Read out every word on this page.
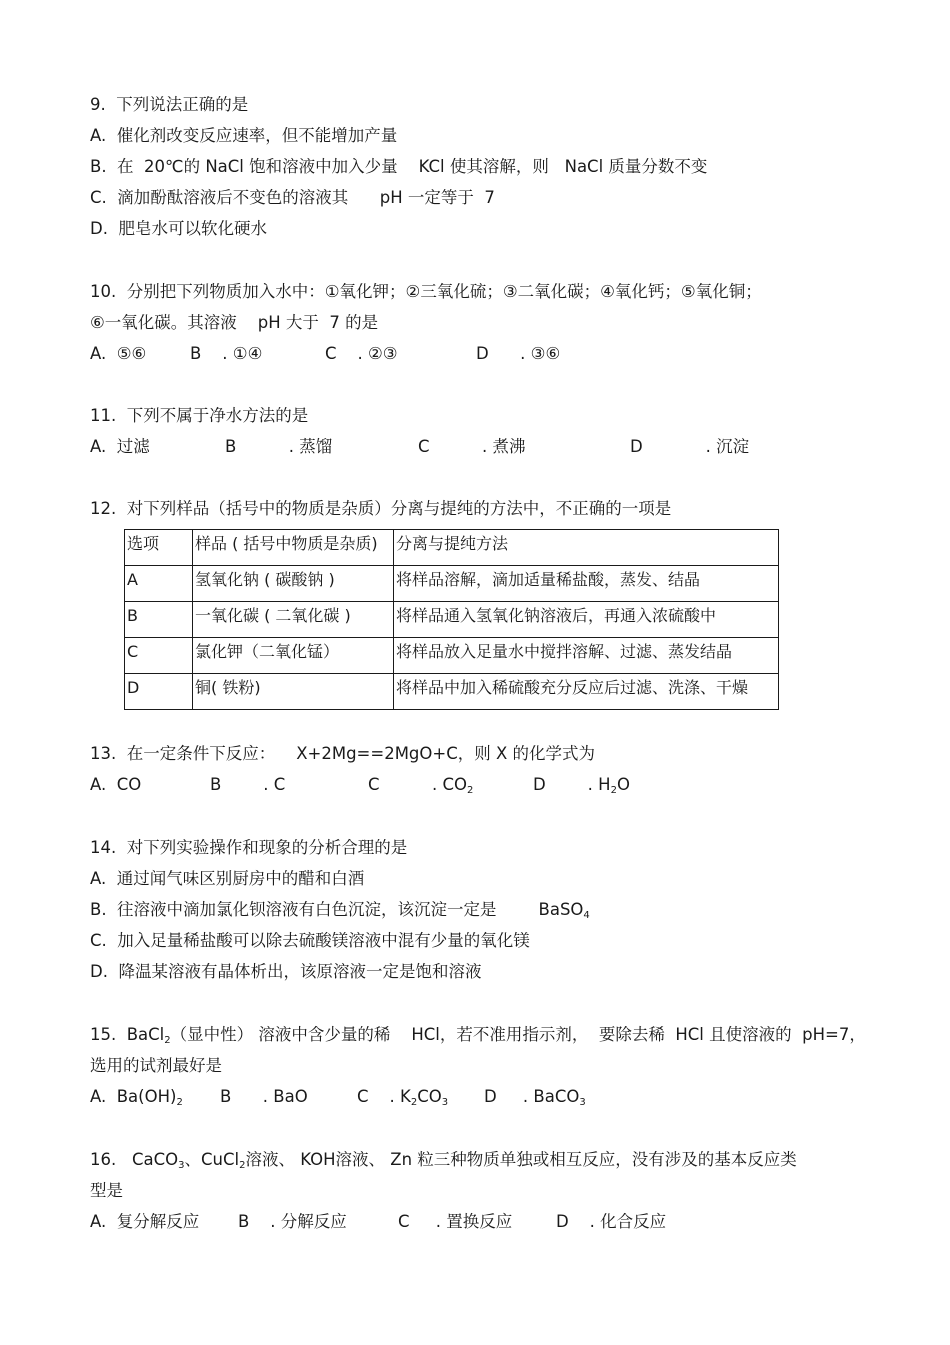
9.  下列说法正确的是
A.  催化剂改变反应速率，但不能增加产量
B.  在  20℃的 NaCl 饱和溶液中加入少量    KCl 使其溶解，则   NaCl 质量分数不变
C.  滴加酚酞溶液后不变色的溶液其      pH 一定等于  7
D.  肥皂水可以软化硬水
10.  分别把下列物质加入水中：①氧化钾；②三氧化硫；③二氧化碳；④氧化钙；⑤氧化铜；
⑥一氧化碳。其溶液    pH 大于  7 的是
A.  ⑤⑥	B    . ①④	C    . ②③	D      . ③⑥
11.  下列不属于净水方法的是
A.  过滤	B          . 蒸馏	C          . 煮沸	D            . 沉淀
12.  对下列样品（括号中的物质是杂质）分离与提纯的方法中，不正确的一项是
选项	样品 ( 括号中物质是杂质)	分离与提纯方法
A	氢氧化钠 ( 碳酸钠 )	将样品溶解，滴加适量稀盐酸，蒸发、结晶
B	一氧化碳 ( 二氧化碳 )	将样品通入氢氧化钠溶液后，再通入浓硫酸中
C	氯化钾（二氧化锰）	将样品放入足量水中搅拌溶解、过滤、蒸发结晶
D	铜( 铁粉)	将样品中加入稀硫酸充分反应后过滤、洗涤、干燥
13.  在一定条件下反应：    X+2Mg==2MgO+C，则 X 的化学式为
A.  CO	B        . C	C          . $CO_2$	D        . $H_2O$
14.  对下列实验操作和现象的分析合理的是
A.  通过闻气味区别厨房中的醋和白酒
B.  往溶液中滴加氯化钡溶液有白色沉淀，该沉淀一定是        BaSO$_4$
C.  加入足量稀盐酸可以除去硫酸镁溶液中混有少量的氧化镁
D.  降温某溶液有晶体析出，该原溶液一定是饱和溶液
15.  BaCl$_2$（显中性） 溶液中含少量的稀    HCl，若不准用指示剂，  要除去稀  HCl 且使溶液的  pH=7，
选用的试剂最好是
A.  $Ba(OH)_2$ B      . BaO	C    . $K_2CO_3$ D     . BaCO$_3$
16.   CaCO$_3$、CuCl$_2$溶液、 KOH溶液、 Zn 粒三种物质单独或相互反应，没有涉及的基本反应类
型是
A.  复分解反应 B    . 分解反应	C     . 置换反应	D    . 化合反应
